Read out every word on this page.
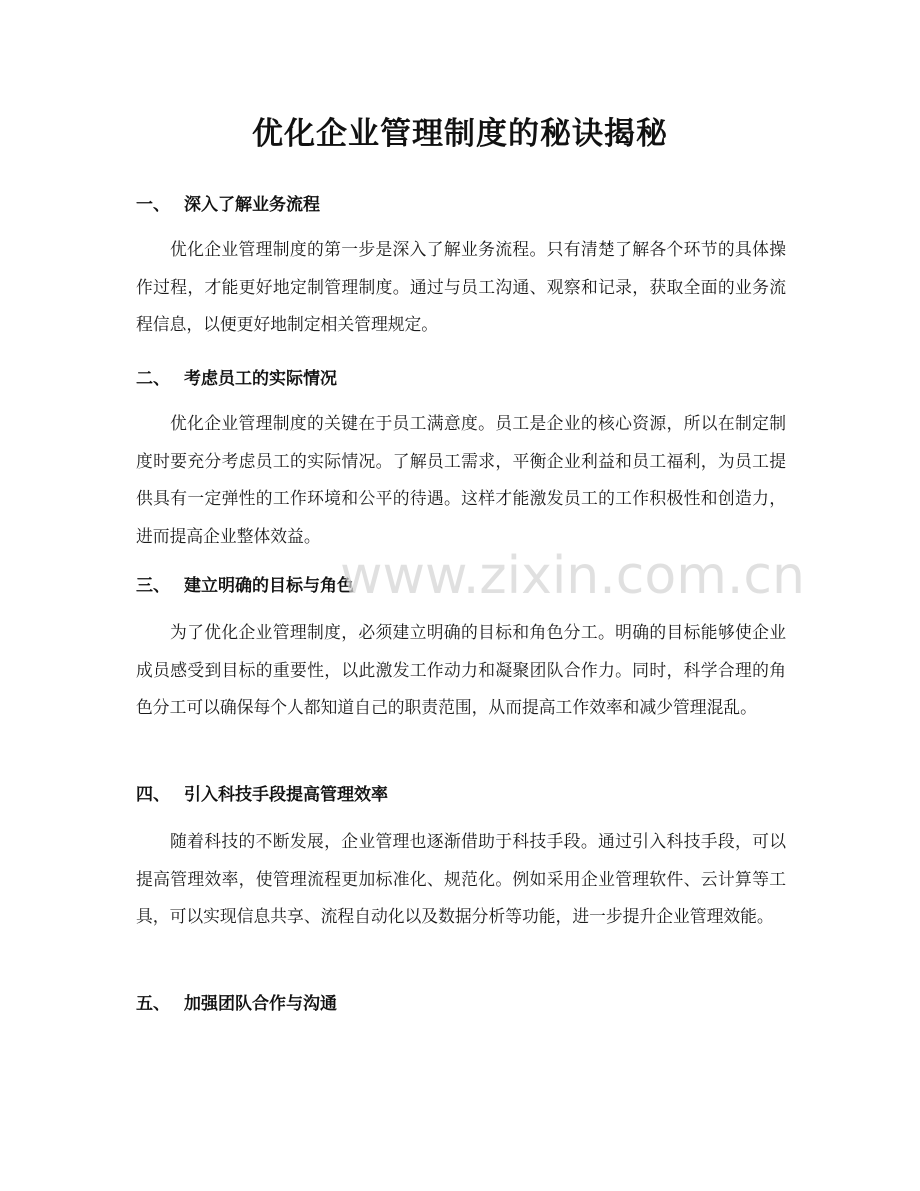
优化企业管理制度的秘诀揭秘
一、 深入了解业务流程
优化企业管理制度的第一步是深入了解业务流程。只有清楚了解各个环节的具体操作过程，才能更好地定制管理制度。通过与员工沟通、观察和记录，获取全面的业务流程信息，以便更好地制定相关管理规定。
二、 考虑员工的实际情况
优化企业管理制度的关键在于员工满意度。员工是企业的核心资源，所以在制定制度时要充分考虑员工的实际情况。了解员工需求，平衡企业利益和员工福利，为员工提供具有一定弹性的工作环境和公平的待遇。这样才能激发员工的工作积极性和创造力，进而提高企业整体效益。
三、 建立明确的目标与角色
为了优化企业管理制度，必须建立明确的目标和角色分工。明确的目标能够使企业成员感受到目标的重要性，以此激发工作动力和凝聚团队合作力。同时，科学合理的角色分工可以确保每个人都知道自己的职责范围，从而提高工作效率和减少管理混乱。
四、 引入科技手段提高管理效率
随着科技的不断发展，企业管理也逐渐借助于科技手段。通过引入科技手段，可以提高管理效率，使管理流程更加标准化、规范化。例如采用企业管理软件、云计算等工具，可以实现信息共享、流程自动化以及数据分析等功能，进一步提升企业管理效能。
五、 加强团队合作与沟通
www.zixin.com.cn
